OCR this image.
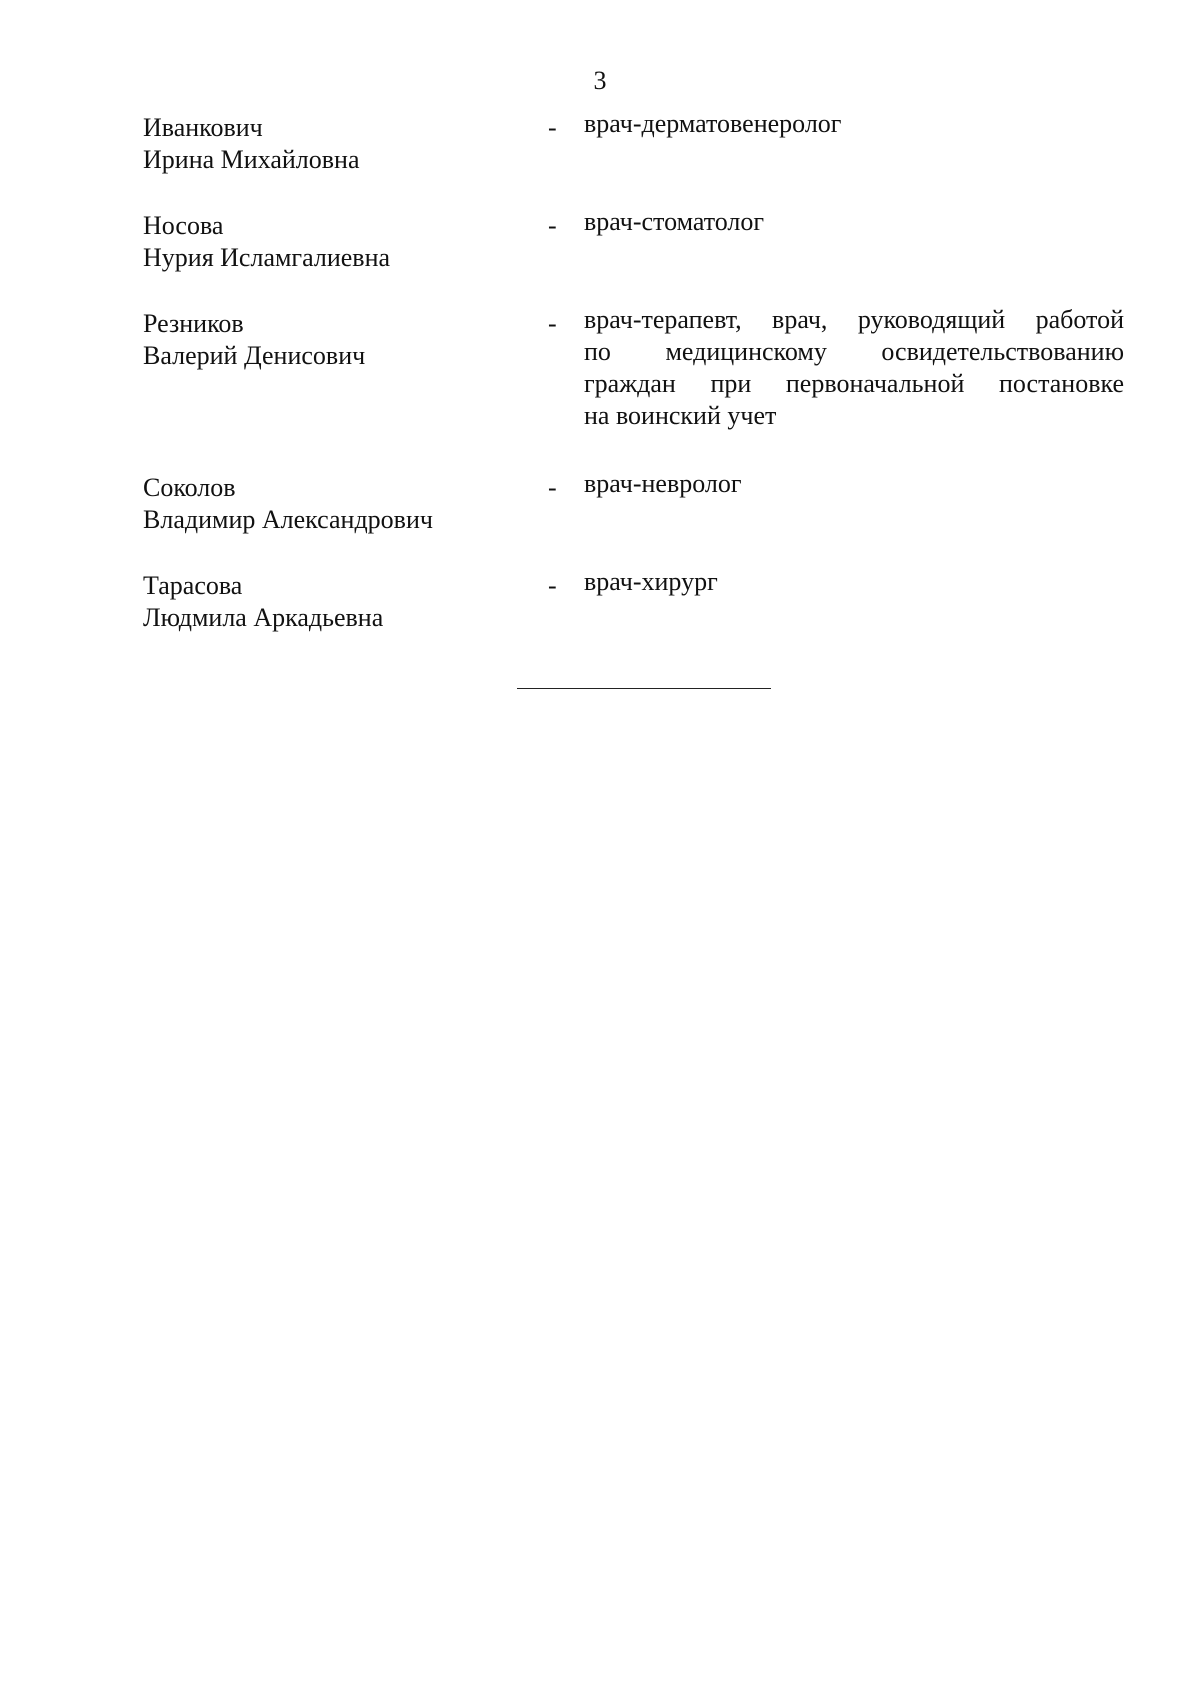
3
Иванкович
Ирина Михайловна
- врач-дерматовенеролог
Носова
Нурия Исламгалиевна
- врач-стоматолог
Резников
Валерий Денисович
- врач-терапевт, врач, руководящий работой
по медицинскому освидетельствованию
граждан при первоначальной постановке
на воинский учет
Соколов
Владимир Александрович
- врач-невролог
Тарасова
Людмила Аркадьевна
- врач-хирург
